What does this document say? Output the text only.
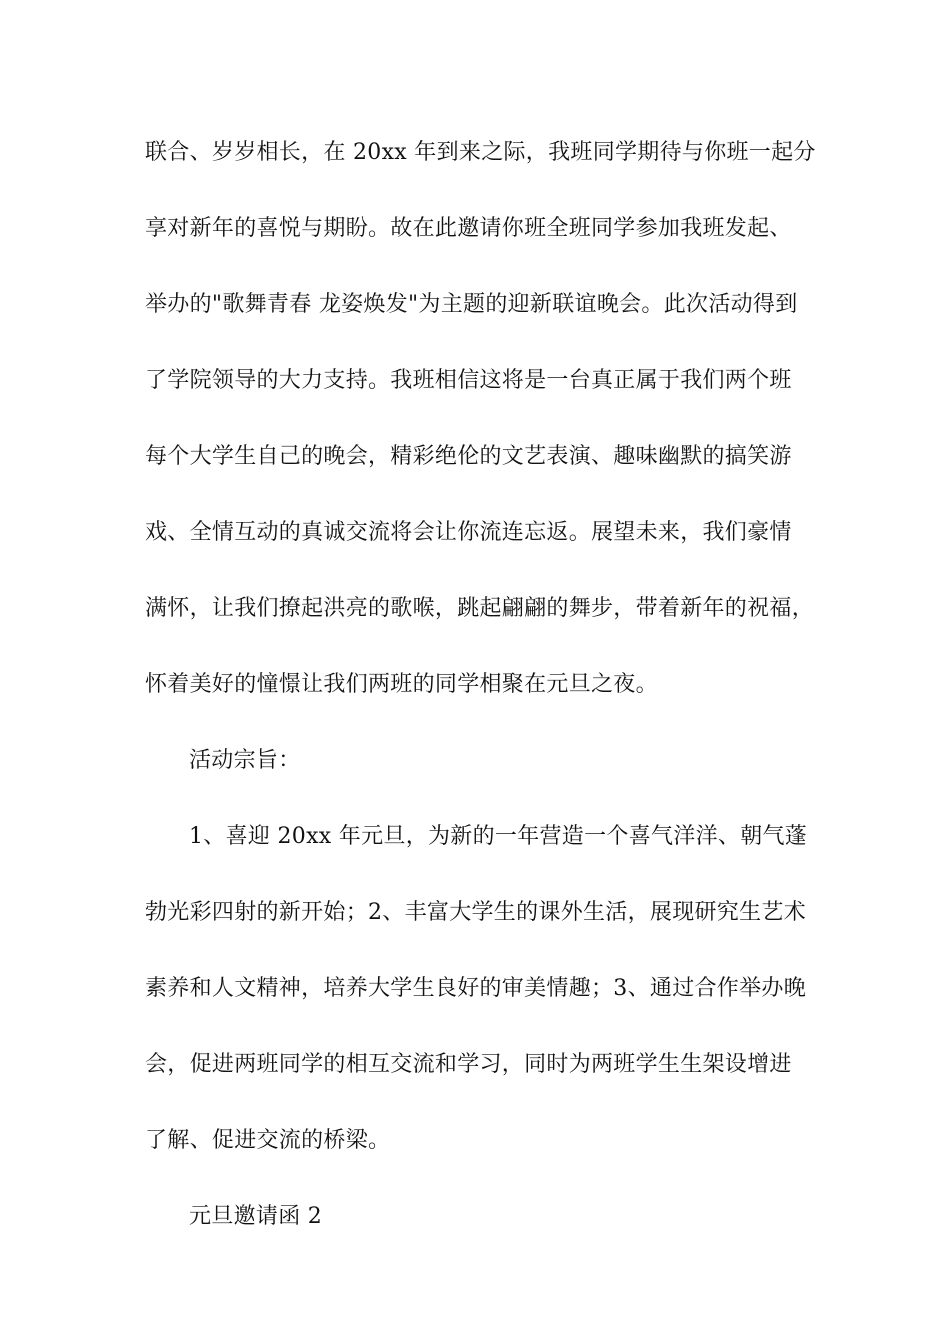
联合、岁岁相长，在 20xx 年到来之际，我班同学期待与你班一起分
享对新年的喜悦与期盼。故在此邀请你班全班同学参加我班发起、
举办的"歌舞青春 龙姿焕发"为主题的迎新联谊晚会。此次活动得到
了学院领导的大力支持。我班相信这将是一台真正属于我们两个班
每个大学生自己的晚会，精彩绝伦的文艺表演、趣味幽默的搞笑游
戏、全情互动的真诚交流将会让你流连忘返。展望未来，我们豪情
满怀，让我们撩起洪亮的歌喉，跳起翩翩的舞步，带着新年的祝福，
怀着美好的憧憬让我们两班的同学相聚在元旦之夜。
活动宗旨：
1、喜迎 20xx 年元旦，为新的一年营造一个喜气洋洋、朝气蓬
勃光彩四射的新开始；2、丰富大学生的课外生活，展现研究生艺术
素养和人文精神，培养大学生良好的审美情趣；3、通过合作举办晚
会，促进两班同学的相互交流和学习，同时为两班学生生架设增进
了解、促进交流的桥梁。
元旦邀请函 2
